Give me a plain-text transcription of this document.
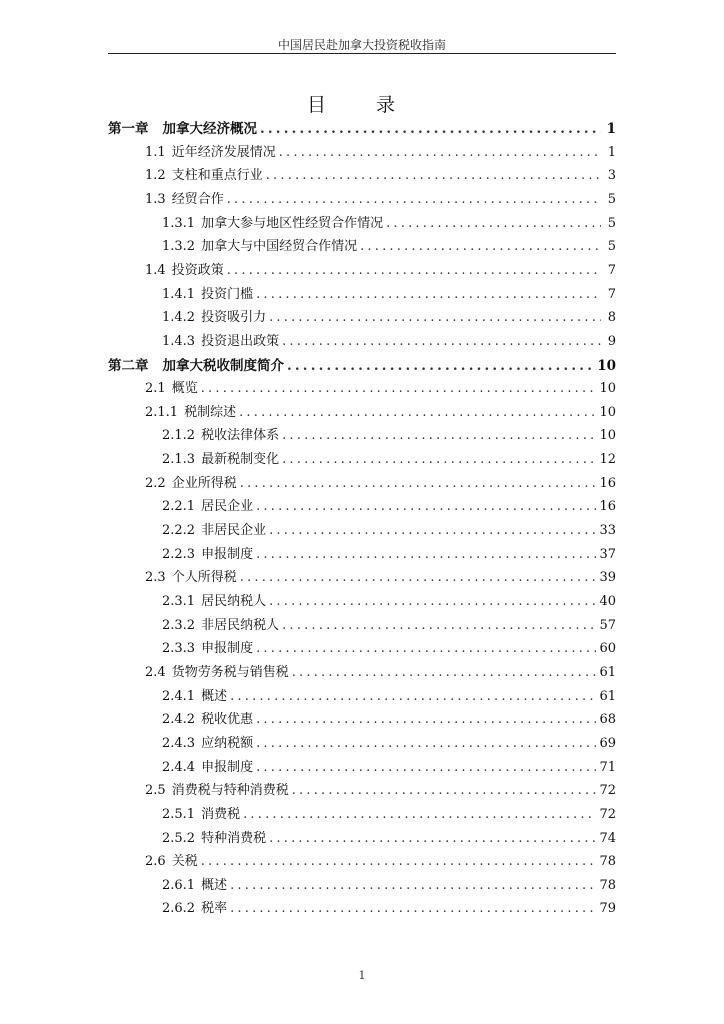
中国居民赴加拿大投资税收指南
目 录
第一章 加拿大经济概况 .....	1
1.1 近年经济发展情况 .....	1
1.2 支柱和重点行业 .....	3
1.3 经贸合作 .....	5
1.3.1 加拿大参与地区性经贸合作情况 .....	5
1.3.2 加拿大与中国经贸合作情况 .....	5
1.4 投资政策 .....	7
1.4.1 投资门槛 .....	7
1.4.2 投资吸引力 .....	8
1.4.3 投资退出政策 .....	9
第二章 加拿大税收制度简介 .....	10
2.1 概览 .....	10
2.1.1 税制综述 .....	10
2.1.2 税收法律体系 .....	10
2.1.3 最新税制变化 .....	12
2.2 企业所得税 .....	16
2.2.1 居民企业 .....	16
2.2.2 非居民企业 .....	33
2.2.3 申报制度 .....	37
2.3 个人所得税 .....	39
2.3.1 居民纳税人 .....	40
2.3.2 非居民纳税人 .....	57
2.3.3 申报制度 .....	60
2.4 货物劳务税与销售税 .....	61
2.4.1 概述 .....	61
2.4.2 税收优惠 .....	68
2.4.3 应纳税额 .....	69
2.4.4 申报制度 .....	71
2.5 消费税与特种消费税 .....	72
2.5.1 消费税 .....	72
2.5.2 特种消费税 .....	74
2.6 关税 .....	78
2.6.1 概述 .....	78
2.6.2 税率 .....	79
1
